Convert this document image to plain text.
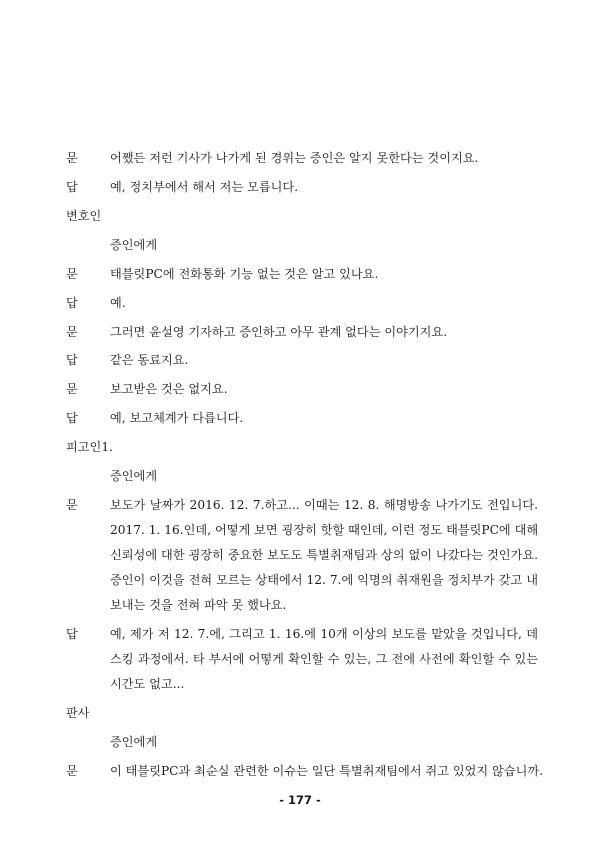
문	어쨌든 저런 기사가 나가게 된 경위는 증인은 알지 못한다는 것이지요.
답	예, 정치부에서 해서 저는 모릅니다.
변호인
증인에게
문	태블릿PC에 전화통화 기능 없는 것은 알고 있나요.
답	예.
문	그러면 윤설영 기자하고 증인하고 아무 관계 없다는 이야기지요.
답	같은 동료지요.
문	보고받은 것은 없지요.
답	예, 보고체계가 다릅니다.
피고인1.
증인에게
문	보도가 날짜가 2016. 12. 7.하고... 이때는 12. 8. 해명방송 나가기도 전입니다.
2017. 1. 16.인데, 어떻게 보면 굉장히 핫할 때인데, 이런 정도 태블릿PC에 대해
신뢰성에 대한 굉장히 중요한 보도도 특별취재팀과 상의 없이 나갔다는 것인가요.
증인이 이것을 전혀 모르는 상태에서 12. 7.에 익명의 취재원을 정치부가 갖고 내
보내는 것을 전혀 파악 못 했나요.
답	예, 제가 저 12. 7.에, 그리고 1. 16.에 10개 이상의 보도를 맡았을 것입니다, 데
스킹 과정에서. 타 부서에 어떻게 확인할 수 있는, 그 전에 사전에 확인할 수 있는
시간도 없고...
판사
증인에게
문	이 태블릿PC과 최순실 관련한 이슈는 일단 특별취재팀에서 쥐고 있었지 않습니까.
- 177 -
